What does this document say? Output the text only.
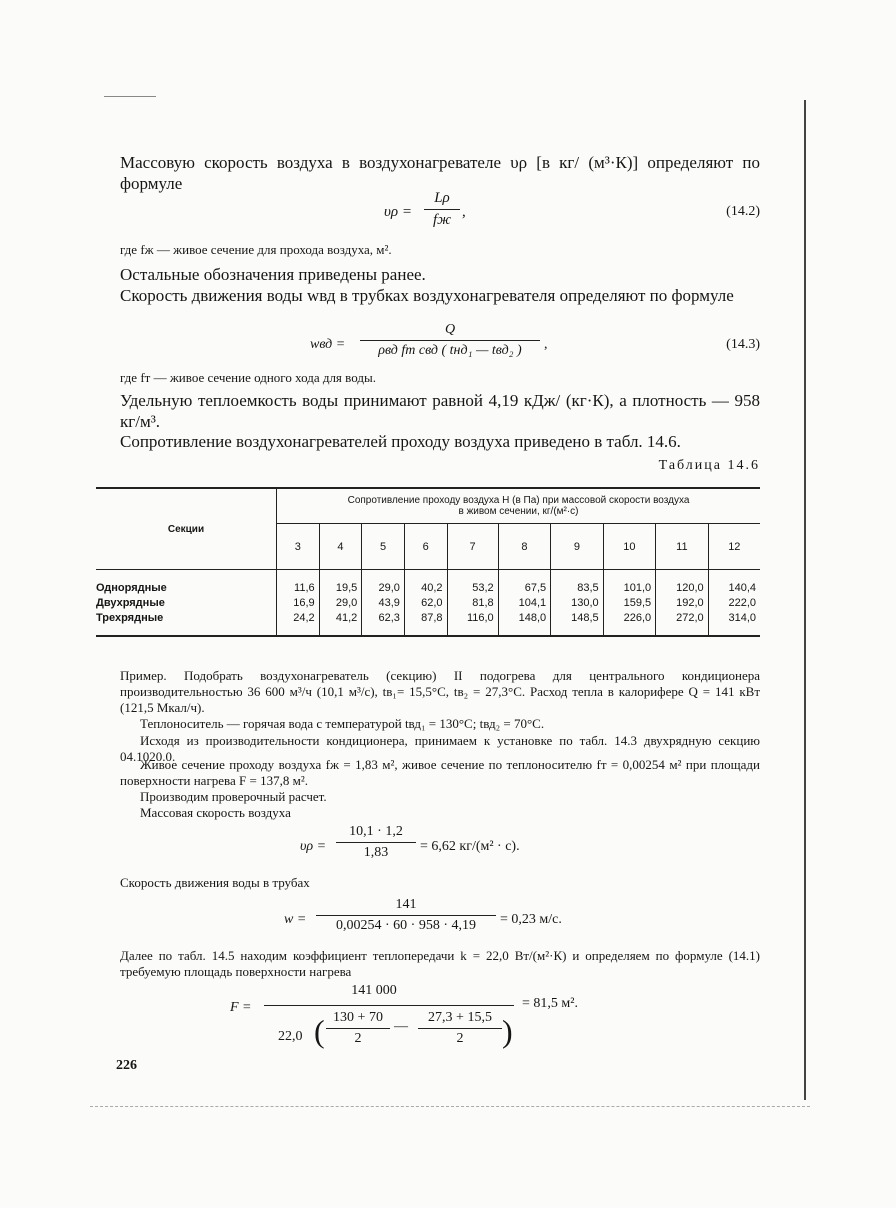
Массовую скорость воздуха в воздухонагревателе υρ [в кг/ (м³·К)] определяют по формуле
υρ =
Lρ
fж ,	(14.2)
где fж — живое сечение для прохода воздуха, м².
Остальные обозначения приведены ранее.
Скорость движения воды wвд в трубках воздухонагревателя определяют по формуле
wвд =
Q
ρвд fт cвд ( tнд₁ — tвд₂ )	,	(14.3)
где fт — живое сечение одного хода для воды.
Удельную теплоемкость воды принимают равной 4,19 кДж/ (кг·К), а плотность — 958 кг/м³.
Сопротивление воздухонагревателей проходу воздуха приведено в табл. 14.6.
Таблица 14.6
Секции	Сопротивление проходу воздуха H (в Па) при массовой скорости воздуха в живом сечении, кг/(м²·с)									
	3	4	5	6	7	8	9	10	11	12
Однорядные	11,6	19,5	29,0	40,2	53,2	67,5	83,5	101,0	120,0	140,4
Двухрядные	16,9	29,0	43,9	62,0	81,8	104,1	130,0	159,5	192,0	222,0
Трехрядные	24,2	41,2	62,3	87,8	116,0	148,0	148,5	226,0	272,0	314,0
Пример. Подобрать воздухонагреватель (секцию) II подогрева для центрального кондиционера производительностью 36 600 м³/ч (10,1 м³/с), tв₁= 15,5°С, tв₂ = 27,3°С. Расход тепла в калорифере Q = 141 кВт (121,5 Мкал/ч).
Теплоноситель — горячая вода с температурой tвд₁ = 130°С; tвд₂ = 70°С.
Исходя из производительности кондиционера, принимаем к установке по табл. 14.3 двухрядную секцию 04.1020.0.
Живое сечение проходу воздуха fж = 1,83 м², живое сечение по теплоносителю fт = 0,00254 м² при площади поверхности нагрева F = 137,8 м².
Производим проверочный расчет.
Массовая скорость воздуха
υρ =
10,1 · 1,2
1,83	= 6,62 кг/(м² · с).
Скорость движения воды в трубах
w =
141
0,00254 · 60 · 958 · 4,19	= 0,23 м/с.
Далее по табл. 14.5 находим коэффициент теплопередачи k = 22,0 Вт/(м²·К) и определяем по формуле (14.1) требуемую площадь поверхности нагрева
F =
141 000
22,0 ( 130 + 70
2
—
27,3 + 15,5
2	)
= 81,5 м².
226
